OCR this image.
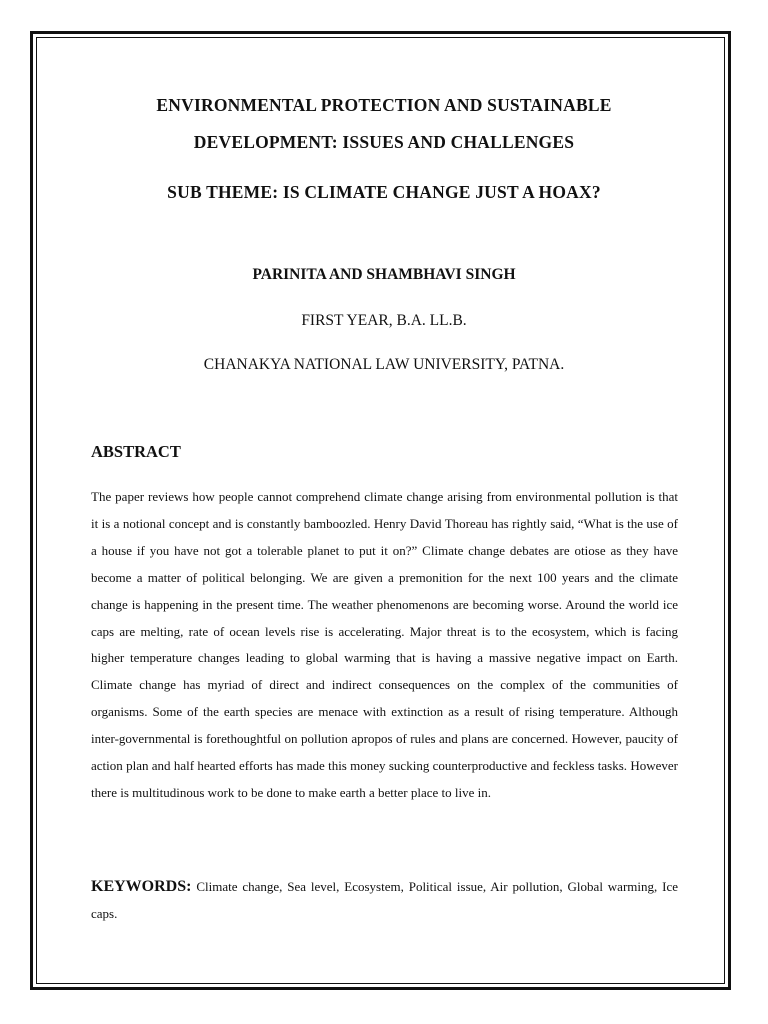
ENVIRONMENTAL PROTECTION AND SUSTAINABLE
DEVELOPMENT: ISSUES AND CHALLENGES
SUB THEME: IS CLIMATE CHANGE JUST A HOAX?
PARINITA AND SHAMBHAVI SINGH
FIRST YEAR, B.A. LL.B.
CHANAKYA NATIONAL LAW UNIVERSITY, PATNA.
ABSTRACT

The paper reviews how people cannot comprehend climate change arising from environmental pollution is that it is a notional concept and is constantly bamboozled. Henry David Thoreau has rightly said, “What is the use of a house if you have not got a tolerable planet to put it on?” Climate change debates are otiose as they have become a matter of political belonging. We are given a premonition for the next 100 years and the climate change is happening in the present time. The weather phenomenons are becoming worse. Around the world ice caps are melting, rate of ocean levels rise is accelerating. Major threat is to the ecosystem, which is facing higher temperature changes leading to global warming that is having a massive negative impact on Earth. Climate change has myriad of direct and indirect consequences on the complex of the communities of organisms. Some of the earth species are menace with extinction as a result of rising temperature. Although inter-governmental is forethoughtful on pollution apropos of rules and plans are concerned. However, paucity of action plan and half hearted efforts has made this money sucking counterproductive and feckless tasks. However there is multitudinous work to be done to make earth a better place to live in.

KEYWORDS: Climate change, Sea level, Ecosystem, Political issue, Air pollution, Global warming, Ice caps.
